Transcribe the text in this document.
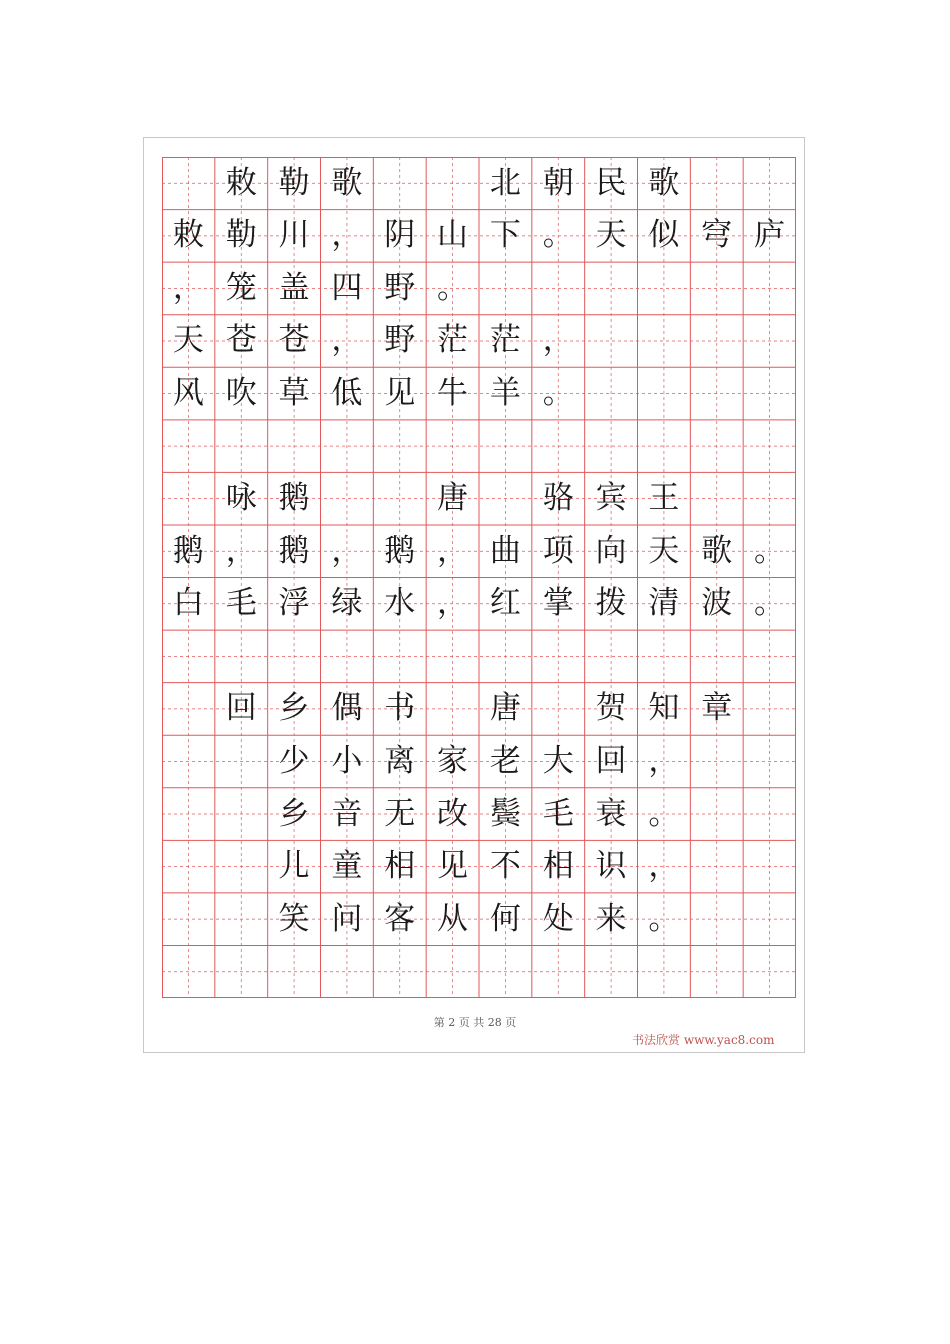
敕 勒 歌	北 朝 民 歌
敕 勒 川 ， 阴 山 下 。 天 似 穹 庐
， 笼 盖 四 野 。
天 苍 苍 ， 野 茫 茫 ，
风 吹 草 低 见 牛 羊 。
咏 鹅	唐	骆 宾 王
鹅 ， 鹅 ， 鹅 ， 曲 项 向 天 歌 。
白 毛 浮 绿 水 ， 红 掌 拨 清 波 。
回 乡 偶 书	唐	贺 知 章
少 小 离 家 老 大 回 ，
乡 音 无 改 鬓 毛 衰 。
儿 童 相 见 不 相 识 ，
笑 问 客 从 何 处 来 。
第 2 页 共 28 页
书法欣赏 www.yac8.com
